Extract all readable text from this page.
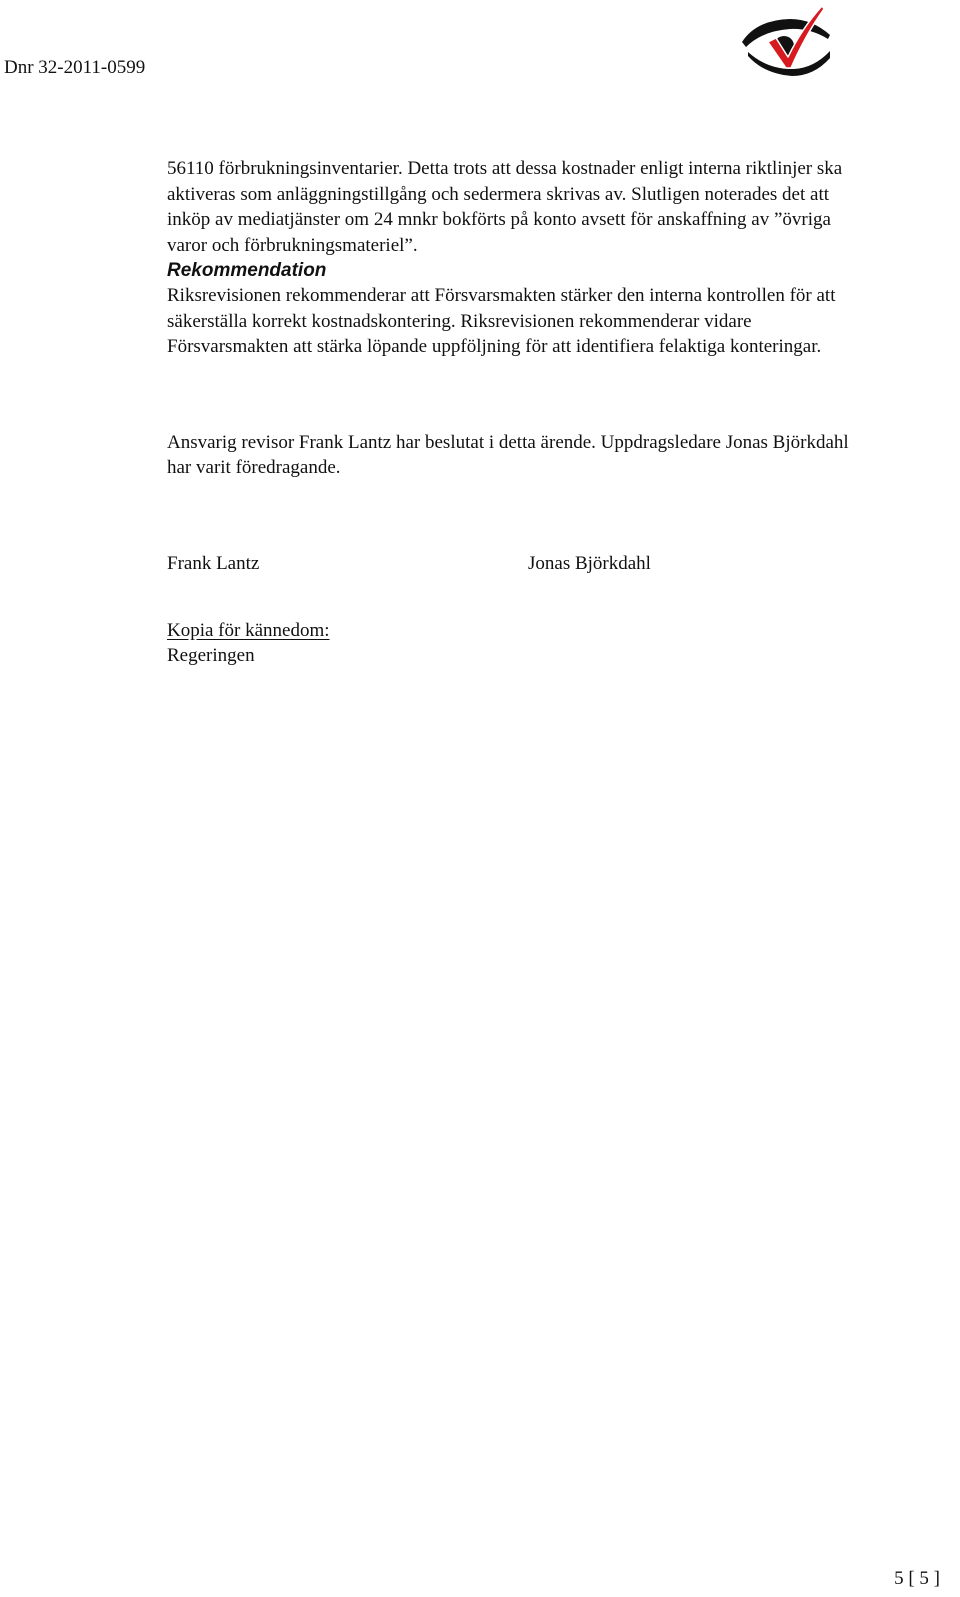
Dnr 32-2011-0599

56110 förbrukningsinventarier. Detta trots att dessa kostnader enligt interna riktlinjer ska aktiveras som anläggningstillgång och sedermera skrivas av. Slutligen noterades det att inköp av mediatjänster om 24 mnkr bokförts på konto avsett för anskaffning av ”övriga varor och förbrukningsmateriel”.

Rekommendation

Riksrevisionen rekommenderar att Försvarsmakten stärker den interna kontrollen för att säkerställa korrekt kostnadskontering. Riksrevisionen rekommenderar vidare Försvarsmakten att stärka löpande uppföljning för att identifiera felaktiga konteringar.

Ansvarig revisor Frank Lantz har beslutat i detta ärende. Uppdragsledare Jonas Björkdahl har varit föredragande.

Frank Lantz	Jonas Björkdahl

Kopia för kännedom:

Regeringen

5 [ 5 ]
